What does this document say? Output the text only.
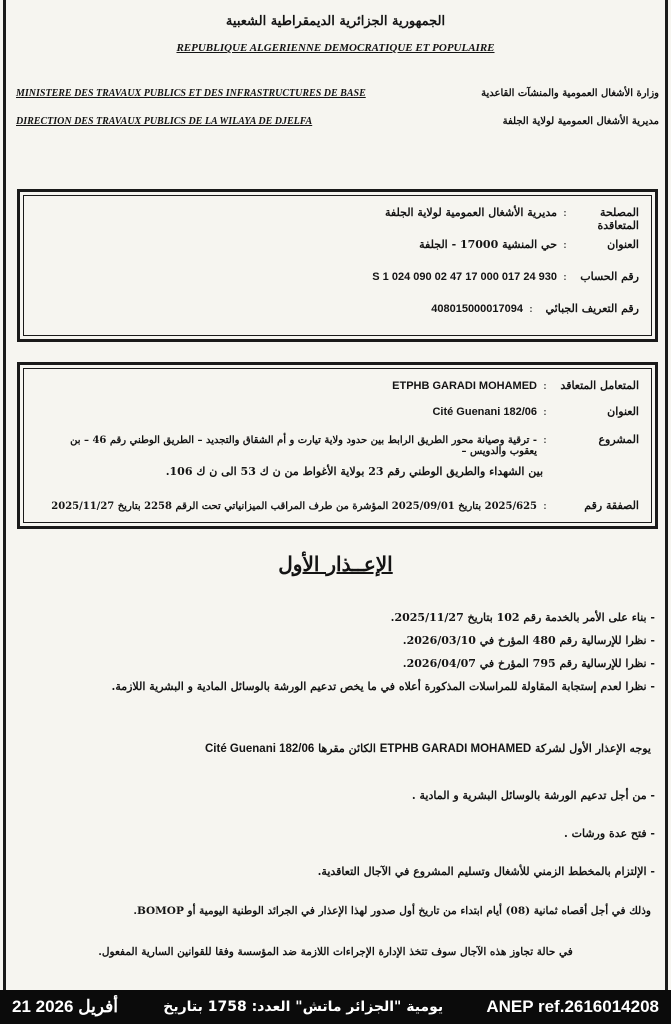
الجمهورية الجزائرية الديمقراطية الشعبية
REPUBLIQUE ALGERIENNE DEMOCRATIQUE ET POPULAIRE
MINISTERE DES TRAVAUX PUBLICS ET DES INFRASTRUCTURES DE BASE
DIRECTION DES TRAVAUX PUBLICS DE LA WILAYA DE DJELFA
وزارة الأشغال العمومية والمنشآت القاعدية
مديرية الأشغال العمومية لولاية الجلفة
المصلحة المتعاقدة
:
مديرية الأشغال العمومية لولاية الجلفة
العنوان
:
حي المنشية 17000 - الجلفة
رقم الحساب
:
S 1 024 090 02 47 17 000 017 24 930
رقم التعريف الجبائي
:
408015000017094
المتعامل المتعاقد
:
ETPHB GARADI MOHAMED
العنوان
:
Cité Guenani 182/06
المشروع
:
- ترقية وصيانة محور الطريق الرابط بين حدود ولاية تيارت و أم الشقاق والتجديد – الطريق الوطني رقم 46 – بن يعقوب والدويس –
بين الشهداء والطريق الوطني رقم 23 بولاية الأغواط من ن ك 53 الى ن ك 106.
الصفقة رقم
:
2025/625 بتاريخ 2025/09/01 المؤشرة من طرف المراقب الميزانياتي تحت الرقم 2258 بتاريخ 2025/11/27
الإعــذار الأول
- بناء على الأمر بالخدمة رقم 102 بتاريخ 2025/11/27.
- نظرا للإرسالية رقم 480 المؤرخ في 2026/03/10.
- نظرا للإرسالية رقم 795 المؤرخ في 2026/04/07.
- نظرا لعدم إستجابة المقاولة للمراسلات المذكورة أعلاه في ما يخص تدعيم الورشة بالوسائل المادية و البشرية اللازمة.
يوجه الإعذار الأول لشركة ETPHB GARADI MOHAMED الكائن مقرها Cité Guenani 182/06
- من أجل تدعيم الورشة بالوسائل البشرية و المادية .
- فتح عدة ورشات .
- الإلتزام بالمخطط الزمني للأشغال وتسليم المشروع في الآجال التعاقدية.
وذلك في أجل أقصاه ثمانية (08) أيام ابتداء من تاريخ أول صدور لهذا الإعذار في الجرائد الوطنية اليومية أو BOMOP.
في حالة تجاوز هذه الآجال سوف تتخذ الإدارة الإجراءات اللازمة ضد المؤسسة وفقا للقوانين السارية المفعول.
21 أفريل 2026	يومية "الجزائر ماتش" العدد: 1758 بتاريخ	ANEP ref.2616014208
